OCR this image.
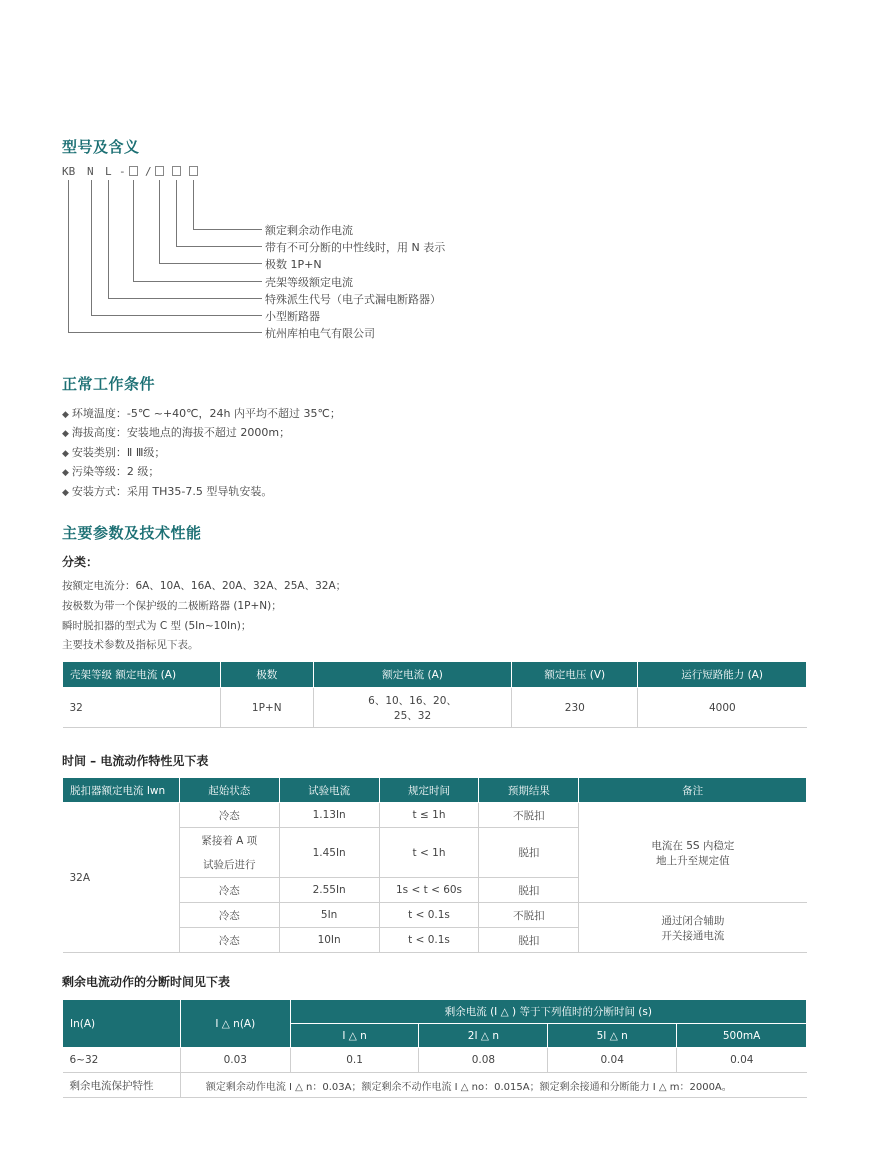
型号及含义
KB N L - /
额定剩余动作电流
带有不可分断的中性线时，用 N 表示
极数 1P+N
壳架等级额定电流
特殊派生代号（电子式漏电断路器）
小型断路器
杭州库柏电气有限公司
正常工作条件
◆ 环境温度：-5℃ ~+40℃，24h 内平均不超过 35℃；
◆ 海拔高度：安装地点的海拔不超过 2000m；
◆ 安装类别：Ⅱ Ⅲ级；
◆ 污染等级：2 级；
◆ 安装方式：采用 TH35-7.5 型导轨安装。
主要参数及技术性能
分类：
按额定电流分：6A、10A、16A、20A、32A、25A、32A；
按极数为带一个保护级的二极断路器 (1P+N)；
瞬时脱扣器的型式为 C 型 (5In~10In)；
主要技术参数及指标见下表。
壳架等级 额定电流 (A)	极数	额定电流 (A)	额定电压 (V)	运行短路能力 (A)
32	1P+N	6、10、16、20、
25、32	230	4000
时间 – 电流动作特性见下表
脱扣器额定电流 Iwn	起始状态	试验电流	规定时间	预期结果	备注
32A	冷态	1.13In	t ≤ 1h	不脱扣	电流在 5S 内稳定
地上升至规定值

	紧接着 A 项	1.45In	t < 1h	脱扣	
	试验后进行				
	冷态	2.55In	1s < t < 60s	脱扣	
	冷态	5In	t < 0.1s	不脱扣	通过闭合辅助
开关接通电流

	冷态	10In	t < 0.1s	脱扣	
剩余电流动作的分断时间见下表
In(A)	I △ n(A)	剩余电流 (I △ ) 等于下列值时的分断时间 (s)			
		I △ n	2I △ n	5I △ n	500mA
6~32	0.03	0.1	0.08	0.04	0.04
剩余电流保护特性	额定剩余动作电流 I △ n：0.03A；额定剩余不动作电流 I △ no：0.015A；额定剩余接通和分断能力 I △ m：2000A。				
